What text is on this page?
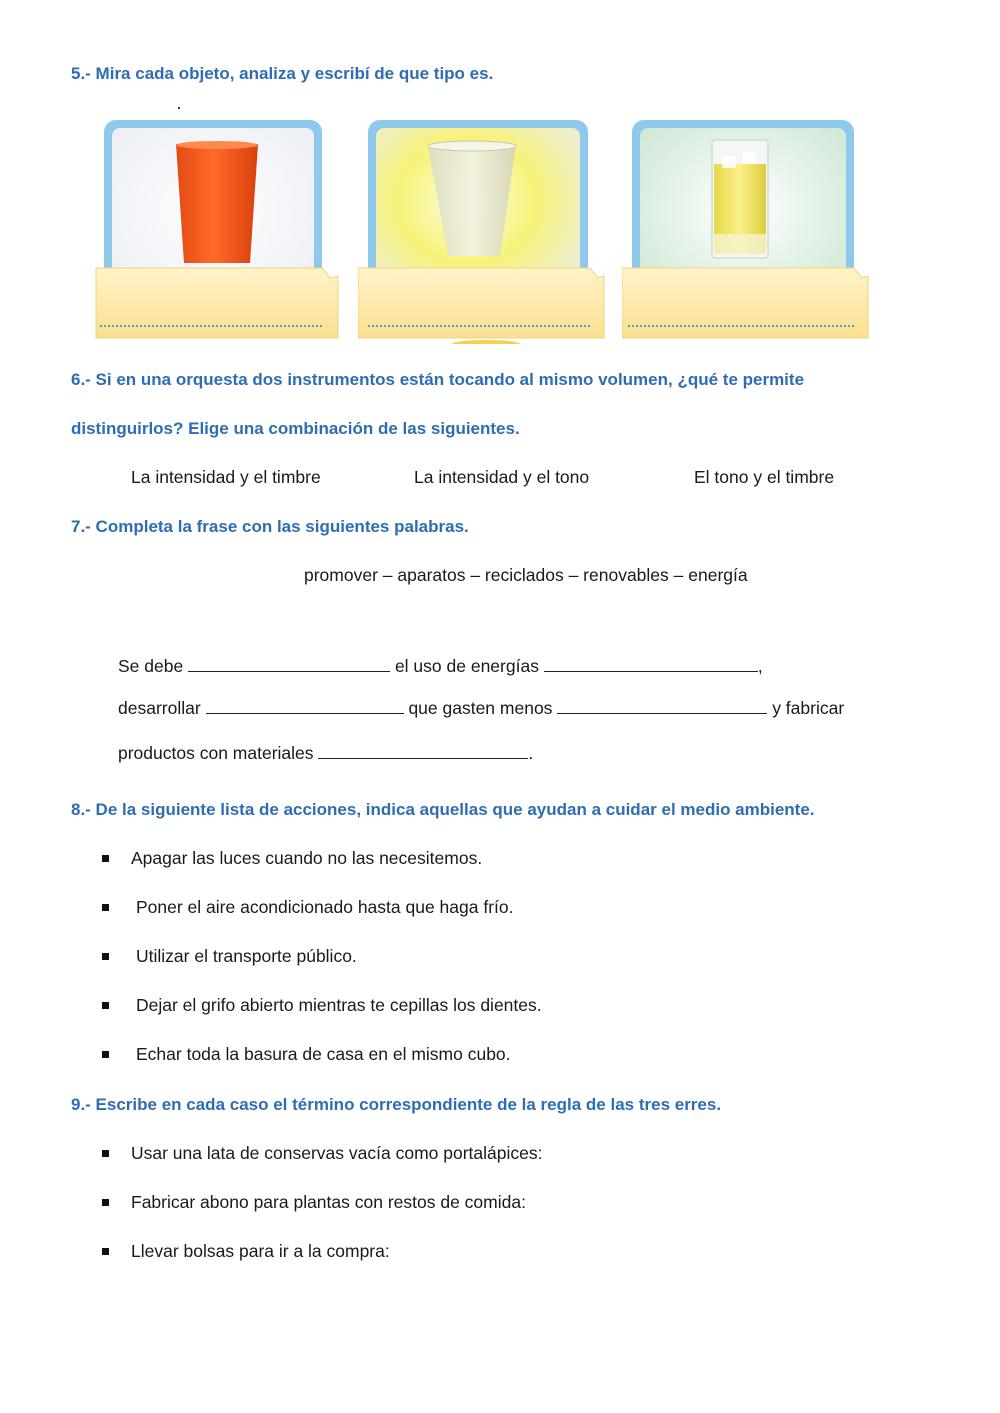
5.- Mira cada objeto, analiza y escribí de que tipo es.

6.- Si en una orquesta dos instrumentos están tocando al mismo volumen, ¿qué te permite

distinguirlos? Elige una combinación de las siguientes.

La intensidad y el timbre	La intensidad y el tono	El tono y el timbre

7.- Completa la frase con las siguientes palabras.

promover – aparatos – reciclados – renovables – energía
Se debe	el uso de energías	,
desarrollar	que gasten menos	y fabricar
productos con materiales	.

8.- De la siguiente lista de acciones, indica aquellas que ayudan a cuidar el medio ambiente.

Apagar las luces cuando no las necesitemos.
Poner el aire acondicionado hasta que haga frío.
Utilizar el transporte público.
Dejar el grifo abierto mientras te cepillas los dientes.
Echar toda la basura de casa en el mismo cubo.

9.- Escribe en cada caso el término correspondiente de la regla de las tres erres.

Usar una lata de conservas vacía como portalápices:
Fabricar abono para plantas con restos de comida:
Llevar bolsas para ir a la compra:
